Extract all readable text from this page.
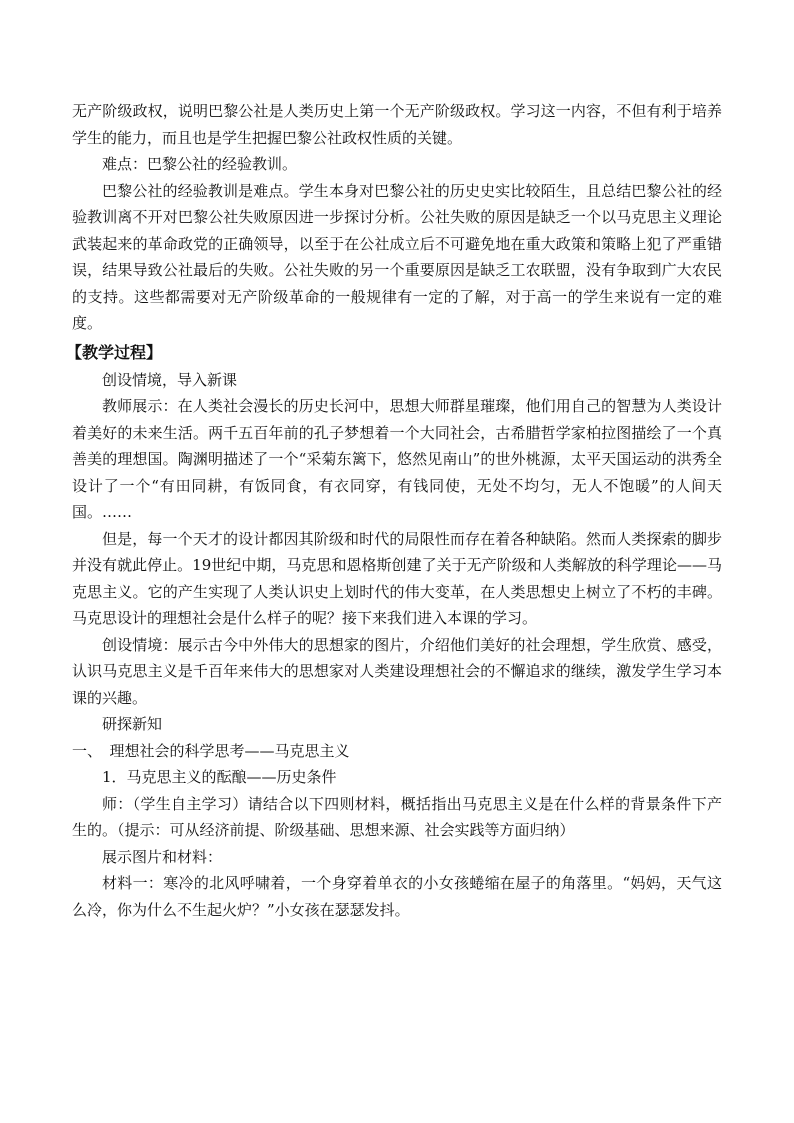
无产阶级政权，说明巴黎公社是人类历史上第一个无产阶级政权。学习这一内容，不但有利于培养学生的能力，而且也是学生把握巴黎公社政权性质的关键。

难点：巴黎公社的经验教训。

巴黎公社的经验教训是难点。学生本身对巴黎公社的历史史实比较陌生，且总结巴黎公社的经验教训离不开对巴黎公社失败原因进一步探讨分析。公社失败的原因是缺乏一个以马克思主义理论武装起来的革命政党的正确领导，以至于在公社成立后不可避免地在重大政策和策略上犯了严重错误，结果导致公社最后的失败。公社失败的另一个重要原因是缺乏工农联盟，没有争取到广大农民的支持。这些都需要对无产阶级革命的一般规律有一定的了解，对于高一的学生来说有一定的难度。

【教学过程】

创设情境，导入新课

教师展示：在人类社会漫长的历史长河中，思想大师群星璀璨，他们用自己的智慧为人类设计着美好的未来生活。两千五百年前的孔子梦想着一个大同社会，古希腊哲学家柏拉图描绘了一个真善美的理想国。陶渊明描述了一个“采菊东篱下，悠然见南山”的世外桃源，太平天国运动的洪秀全设计了一个“有田同耕，有饭同食，有衣同穿，有钱同使，无处不均匀，无人不饱暖”的人间天国。……

但是，每一个天才的设计都因其阶级和时代的局限性而存在着各种缺陷。然而人类探索的脚步并没有就此停止。19世纪中期，马克思和恩格斯创建了关于无产阶级和人类解放的科学理论——马克思主义。它的产生实现了人类认识史上划时代的伟大变革，在人类思想史上树立了不朽的丰碑。马克思设计的理想社会是什么样子的呢？接下来我们进入本课的学习。

创设情境：展示古今中外伟大的思想家的图片，介绍他们美好的社会理想，学生欣赏、感受，认识马克思主义是千百年来伟大的思想家对人类建设理想社会的不懈追求的继续，激发学生学习本课的兴趣。

研探新知

一、　理想社会的科学思考——马克思主义

1．马克思主义的酝酿——历史条件

师：（学生自主学习）请结合以下四则材料，概括指出马克思主义是在什么样的背景条件下产生的。（提示：可从经济前提、阶级基础、思想来源、社会实践等方面归纳）

展示图片和材料：

材料一：寒冷的北风呼啸着，一个身穿着单衣的小女孩蜷缩在屋子的角落里。“妈妈，天气这么冷，你为什么不生起火炉？”小女孩在瑟瑟发抖。
